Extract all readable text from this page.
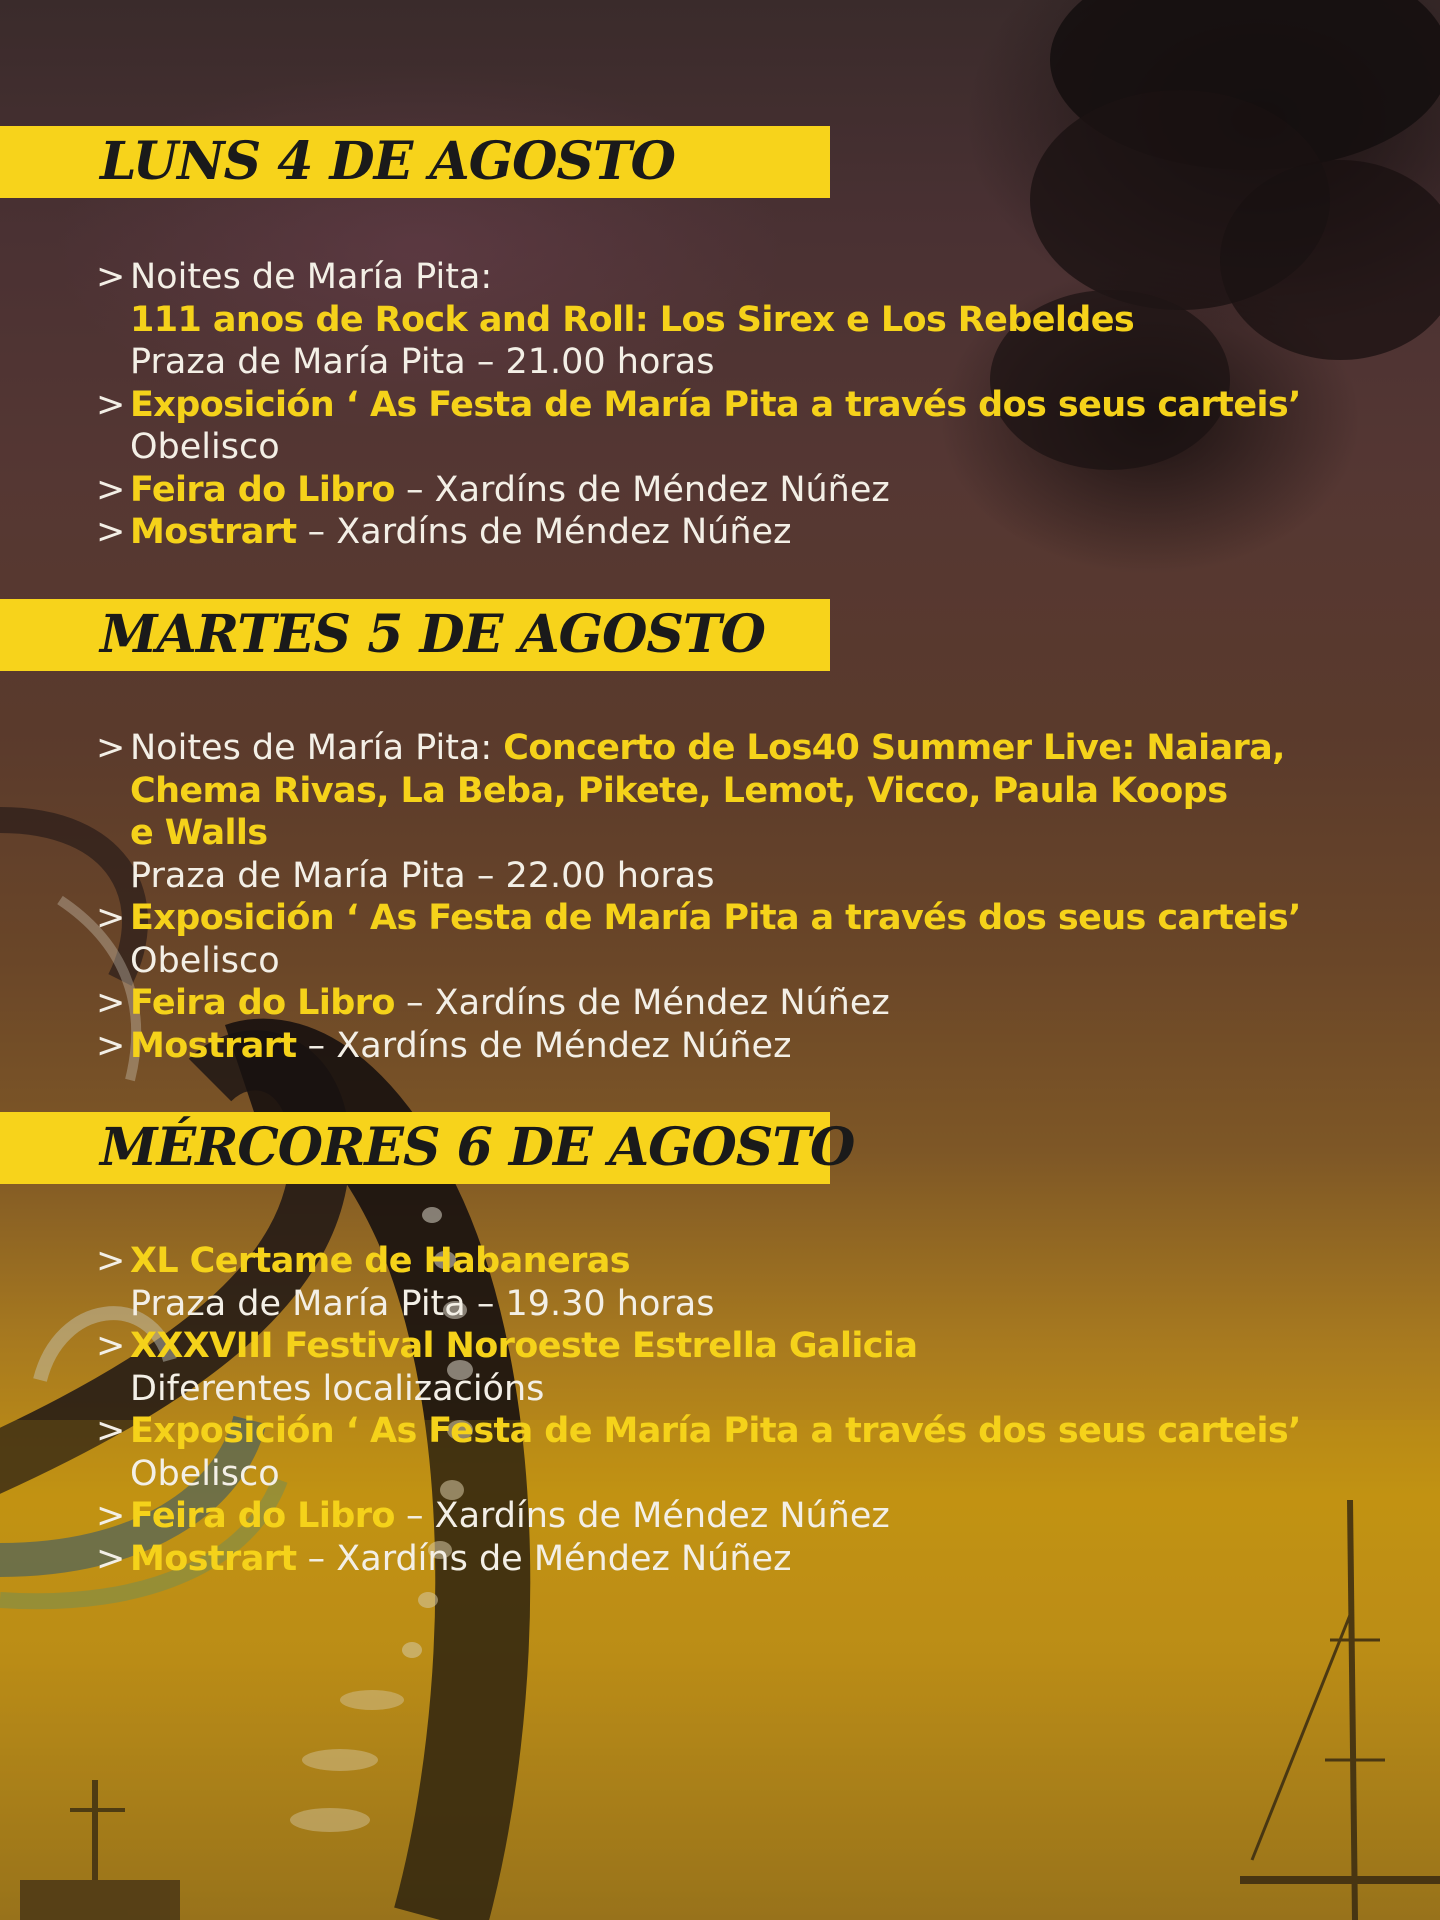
LUNS 4 DE AGOSTO
> Noites de María Pita:
111 anos de Rock and Roll: Los Sirex e Los Rebeldes
Praza de María Pita – 21.00 horas
> Exposición ‘ As Festa de María Pita a través dos seus carteis’
Obelisco
> Feira do Libro – Xardíns de Méndez Núñez
> Mostrart – Xardíns de Méndez Núñez
MARTES 5 DE AGOSTO
> Noites de María Pita: Concerto de Los40 Summer Live: Naiara,
Chema Rivas, La Beba, Pikete, Lemot, Vicco, Paula Koops
e Walls
Praza de María Pita – 22.00 horas
> Exposición ‘ As Festa de María Pita a través dos seus carteis’
Obelisco
> Feira do Libro – Xardíns de Méndez Núñez
> Mostrart – Xardíns de Méndez Núñez
MÉRCORES 6 DE AGOSTO
> XL Certame de Habaneras
Praza de María Pita – 19.30 horas
> XXXVIII Festival Noroeste Estrella Galicia
Diferentes localizacións
> Exposición ‘ As Festa de María Pita a través dos seus carteis’
Obelisco
> Feira do Libro – Xardíns de Méndez Núñez
> Mostrart – Xardíns de Méndez Núñez
